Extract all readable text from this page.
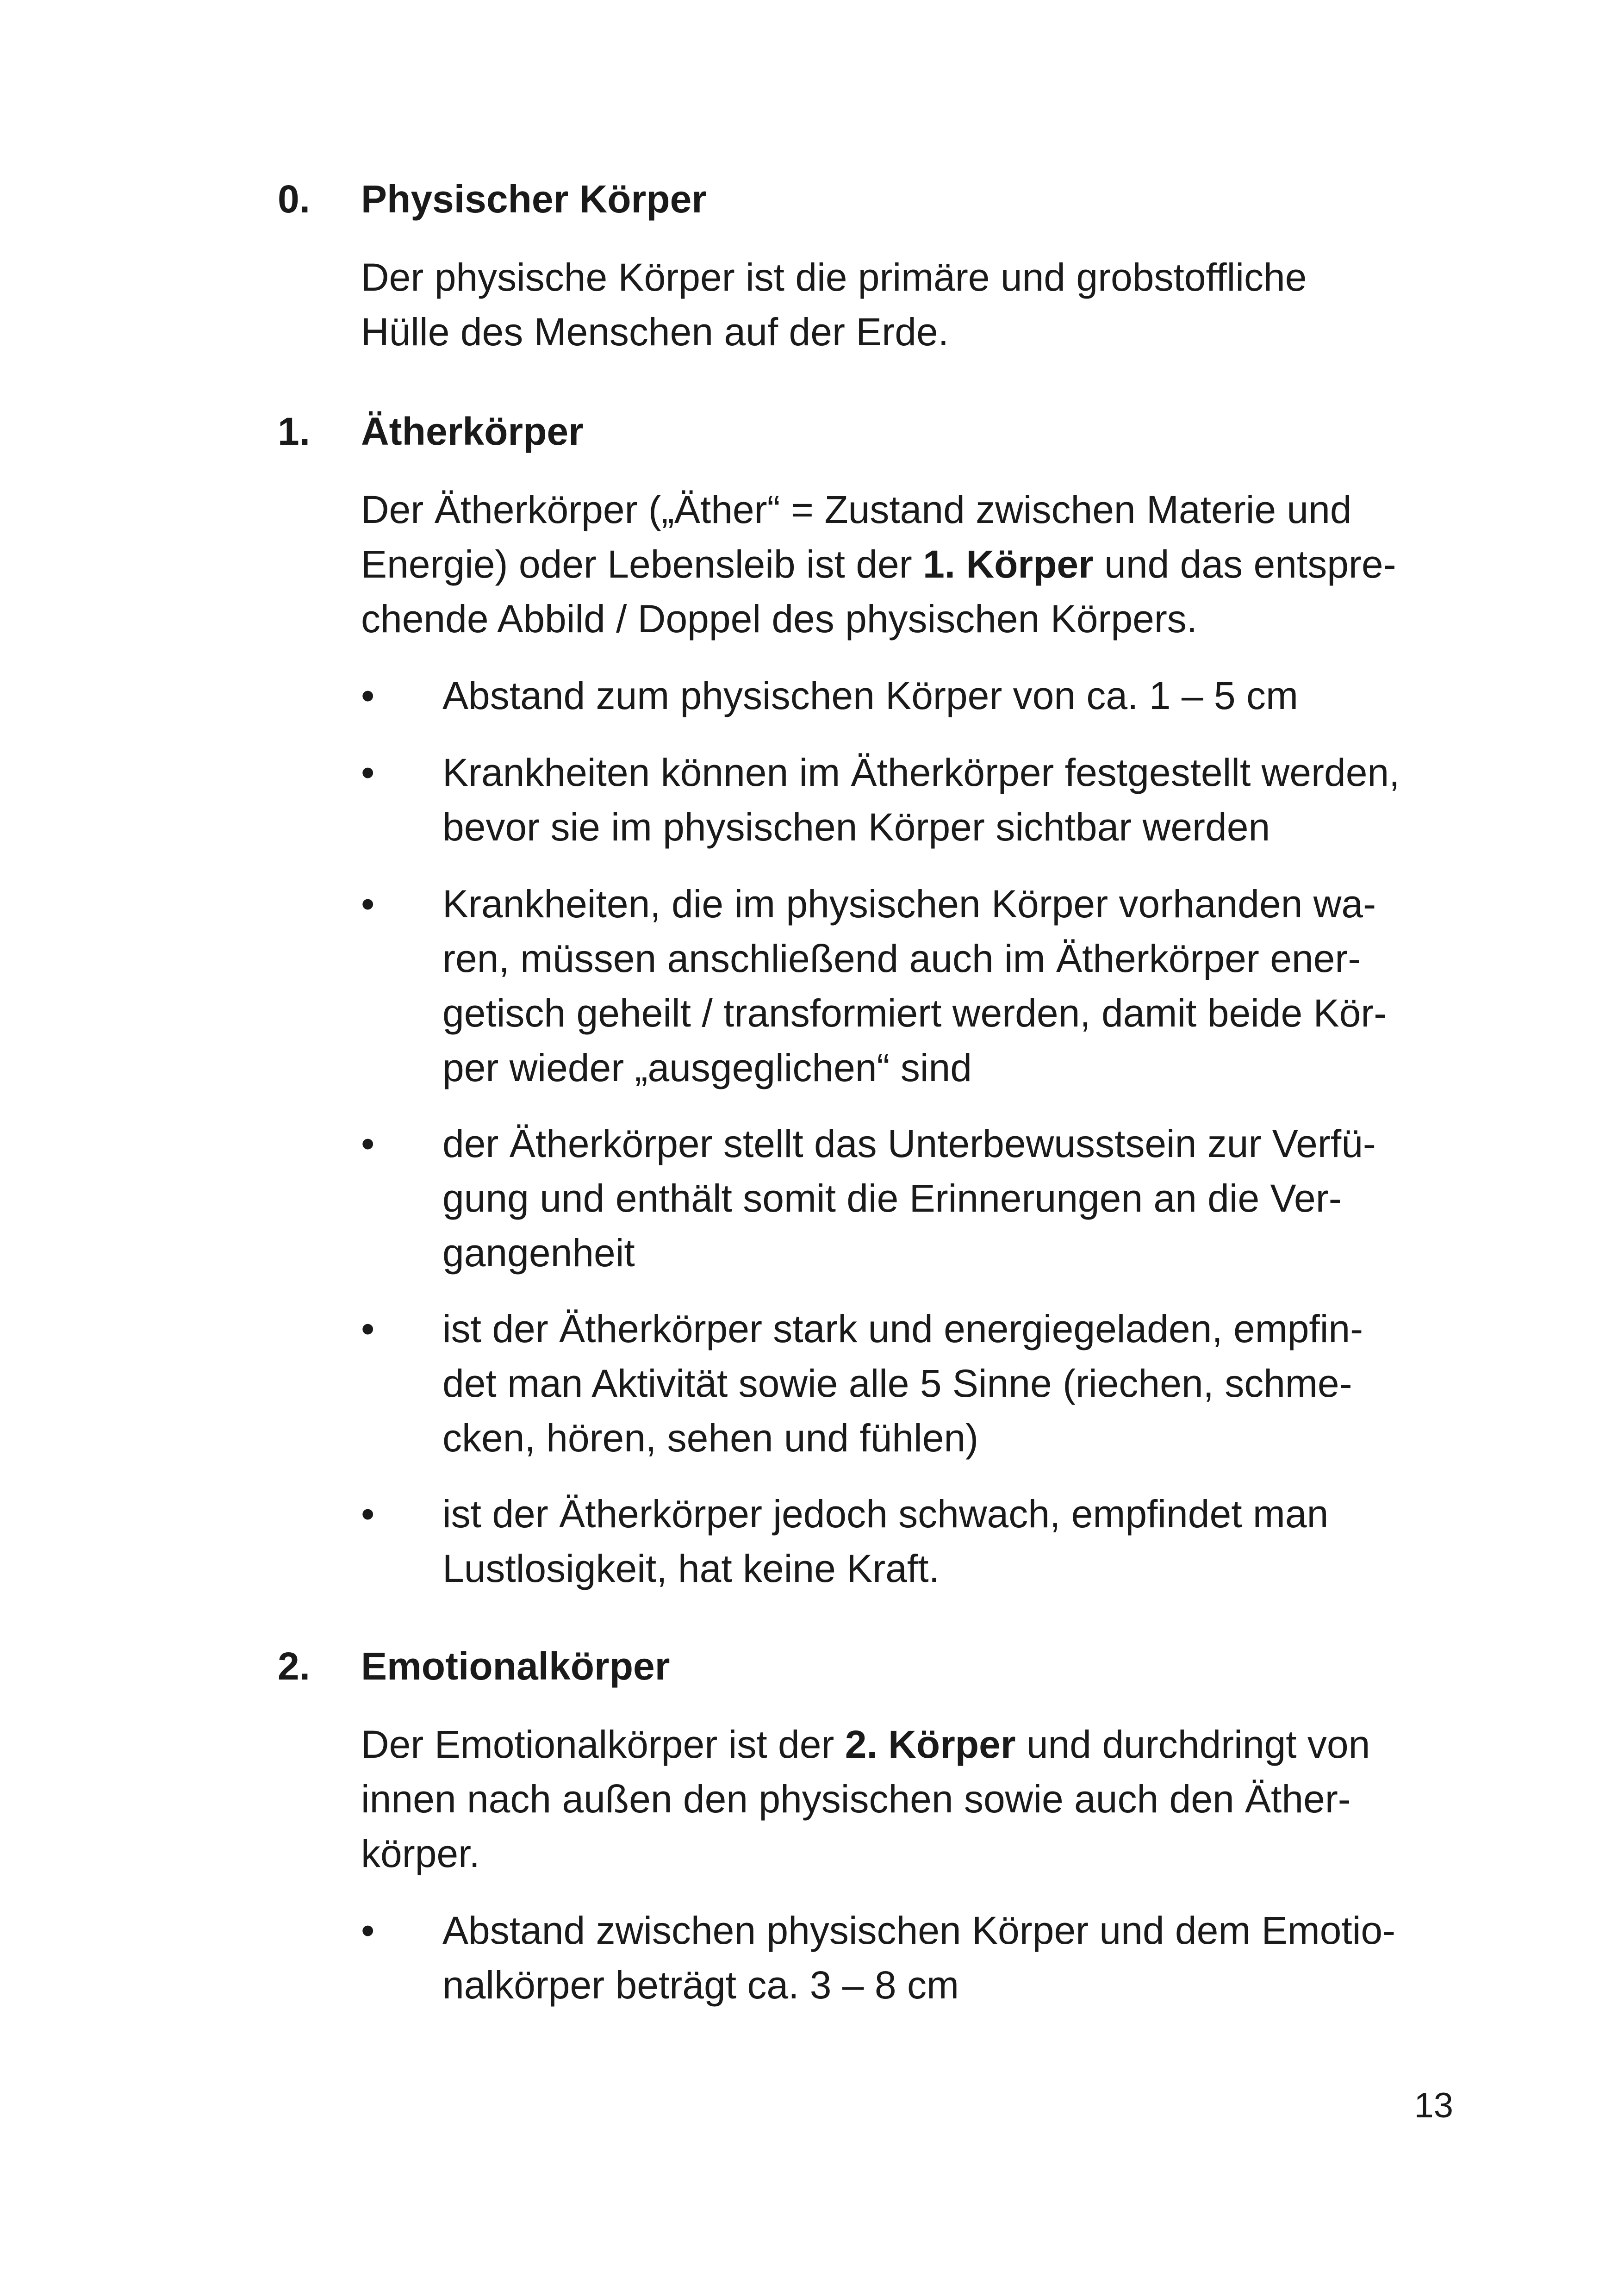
0. Physischer Körper
Der physische Körper ist die primäre und grobstoffliche
Hülle des Menschen auf der Erde.
1. Ätherkörper
Der Ätherkörper („Äther“ = Zustand zwischen Materie und
Energie) oder Lebensleib ist der 1. Körper und das entspre-
chende Abbild / Doppel des physischen Körpers.
• Abstand zum physischen Körper von ca. 1 – 5 cm
• Krankheiten können im Ätherkörper festgestellt werden,
bevor sie im physischen Körper sichtbar werden
• Krankheiten, die im physischen Körper vorhanden wa-
ren, müssen anschließend auch im Ätherkörper ener-
getisch geheilt / transformiert werden, damit beide Kör-
per wieder „ausgeglichen“ sind
• der Ätherkörper stellt das Unterbewusstsein zur Verfü-
gung und enthält somit die Erinnerungen an die Ver-
gangenheit
• ist der Ätherkörper stark und energiegeladen, empfin-
det man Aktivität sowie alle 5 Sinne (riechen, schme-
cken, hören, sehen und fühlen)
• ist der Ätherkörper jedoch schwach, empfindet man
Lustlosigkeit, hat keine Kraft.
2. Emotionalkörper
Der Emotionalkörper ist der 2. Körper und durchdringt von
innen nach außen den physischen sowie auch den Äther-
körper.
• Abstand zwischen physischen Körper und dem Emotio-
nalkörper beträgt ca. 3 – 8 cm
13
